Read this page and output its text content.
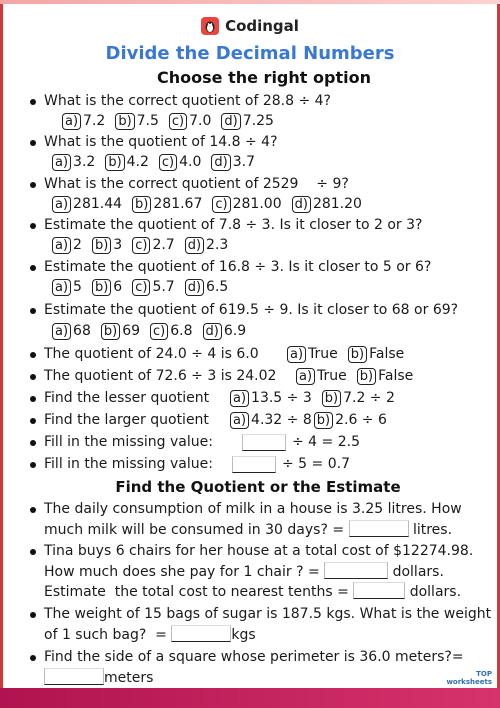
Codingal
Divide the Decimal Numbers
Choose the right option
What is the correct quotient of 28.8 ÷ 4?
a) 7.2 b) 7.5 c) 7.0 d) 7.25
What is the quotient of 14.8 ÷ 4?
a) 3.2 b) 4.2 c) 4.0 d) 3.7
What is the correct quotient of 2529    ÷ 9?
a) 281.44 b) 281.67 c) 281.00 d) 281.20
Estimate the quotient of 7.8 ÷ 3. Is it closer to 2 or 3?
a) 2 b) 3 c) 2.7 d) 2.3
Estimate the quotient of 16.8 ÷ 3. Is it closer to 5 or 6?
a) 5 b) 6 c) 5.7 d) 6.5
Estimate the quotient of 619.5 ÷ 9. Is it closer to 68 or 69?
a) 68 b) 69 c) 6.8 d) 6.9
The quotient of 24.0 ÷ 4 is 6.0 a) True b) False
The quotient of 72.6 ÷ 3 is 24.02 a) True b) False
Find the lesser quotient a) 13.5 ÷ 3 b) 7.2 ÷ 2
Find the larger quotient a) 4.32 ÷ 8 b) 2.6 ÷ 6
Fill in the missing value:	÷ 4 = 2.5
Fill in the missing value:	÷ 5 = 0.7
Find the Quotient or the Estimate
The daily consumption of milk in a house is 3.25 litres. How
much milk will be consumed in 30 days? =	litres.
Tina buys 6 chairs for her house at a total cost of $12274.98.
How much does she pay for 1 chair ? =	dollars.
Estimate  the total cost to nearest tenths =	dollars.
The weight of 15 bags of sugar is 187.5 kgs. What is the weight
of 1 such bag?  =	kgs
Find the side of a square whose perimeter is 36.0 meters?=
meters	TOP
worksheets
